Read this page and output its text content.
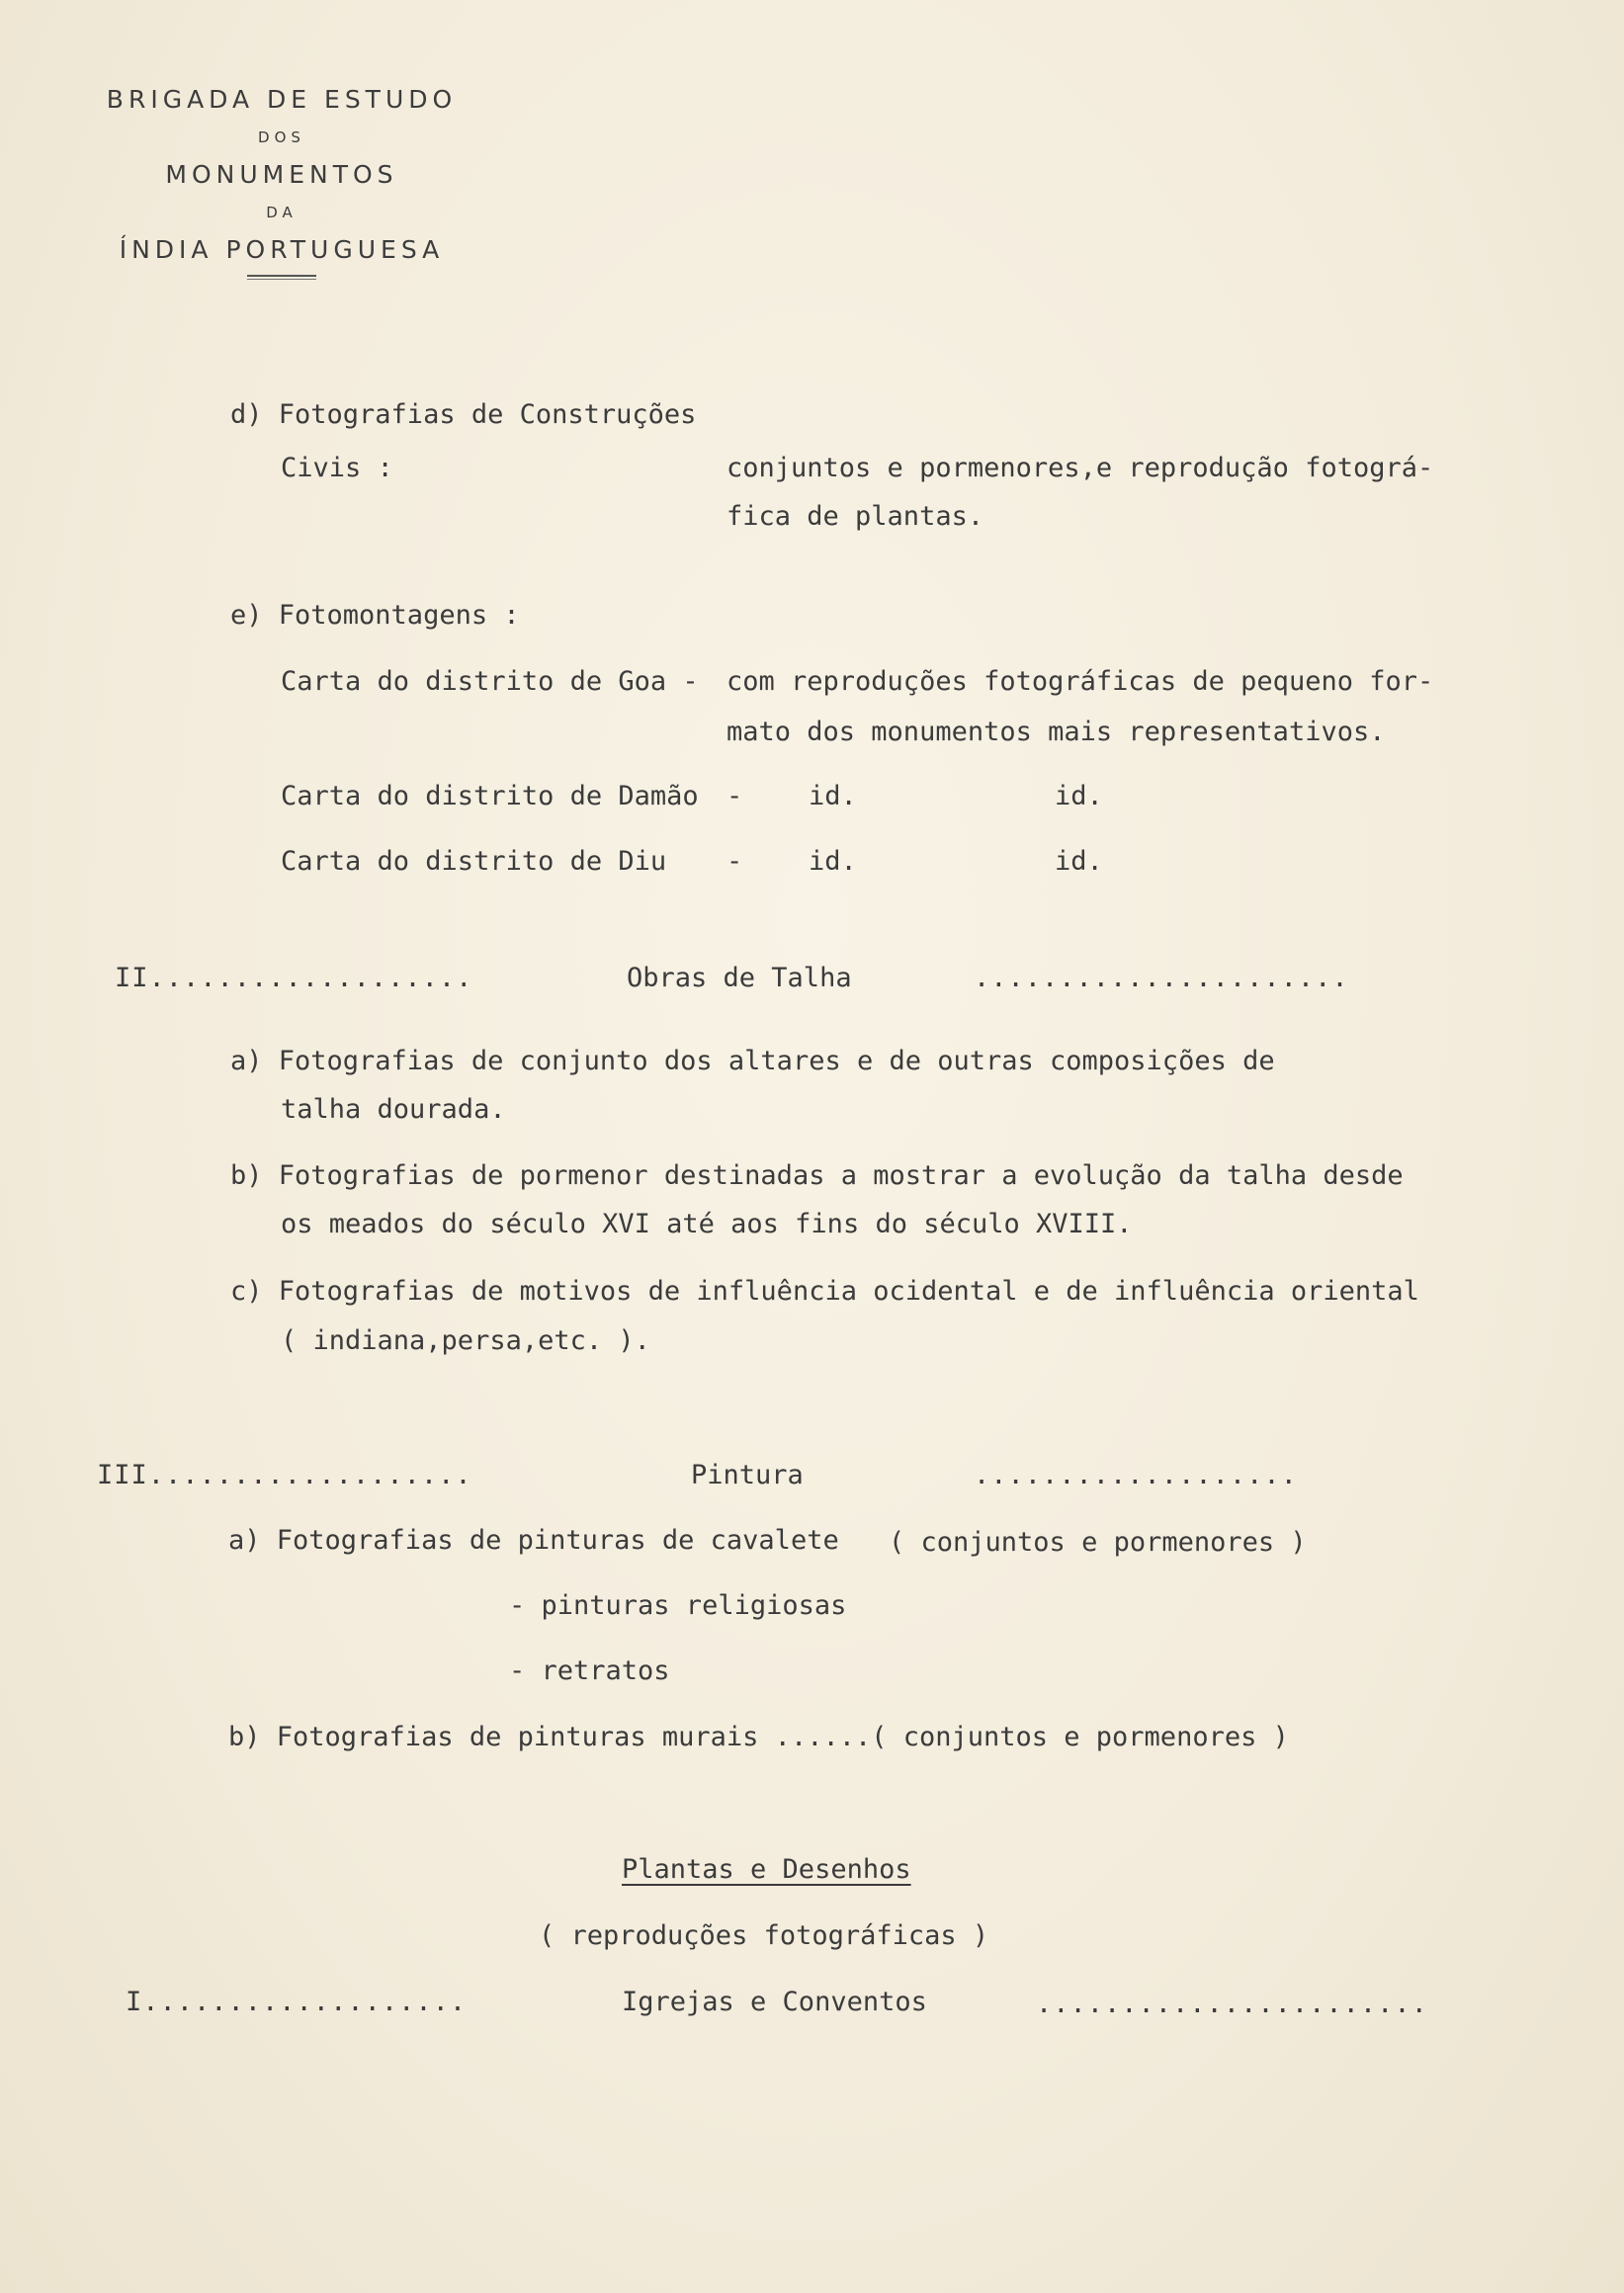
BRIGADA DE ESTUDO
DOS
MONUMENTOS
DA
ÍNDIA PORTUGUESA
d) Fotografias de Construções
Civis :	conjuntos e pormenores,e reprodução fotográ-
fica de plantas.
e) Fotomontagens :
Carta do distrito de Goa - com reproduções fotográficas de pequeno for-
mato dos monumentos mais representativos.
Carta do distrito de Damão - id.	id.
Carta do distrito de Diu - id.	id.
II...................	Obras de Talha	......................
a) Fotografias de conjunto dos altares e de outras composições de
talha dourada.
b) Fotografias de pormenor destinadas a mostrar a evolução da talha desde
os meados do século XVI até aos fins do século XVIII.
c) Fotografias de motivos de influência ocidental e de influência oriental
( indiana,persa,etc. ).
III...................	Pintura	...................
a) Fotografias de pinturas de cavalete ( conjuntos e pormenores )
- pinturas religiosas
- retratos
b) Fotografias de pinturas murais ......( conjuntos e pormenores )
Plantas e Desenhos
( reproduções fotográficas )
I...................	Igrejas e Conventos	.......................
